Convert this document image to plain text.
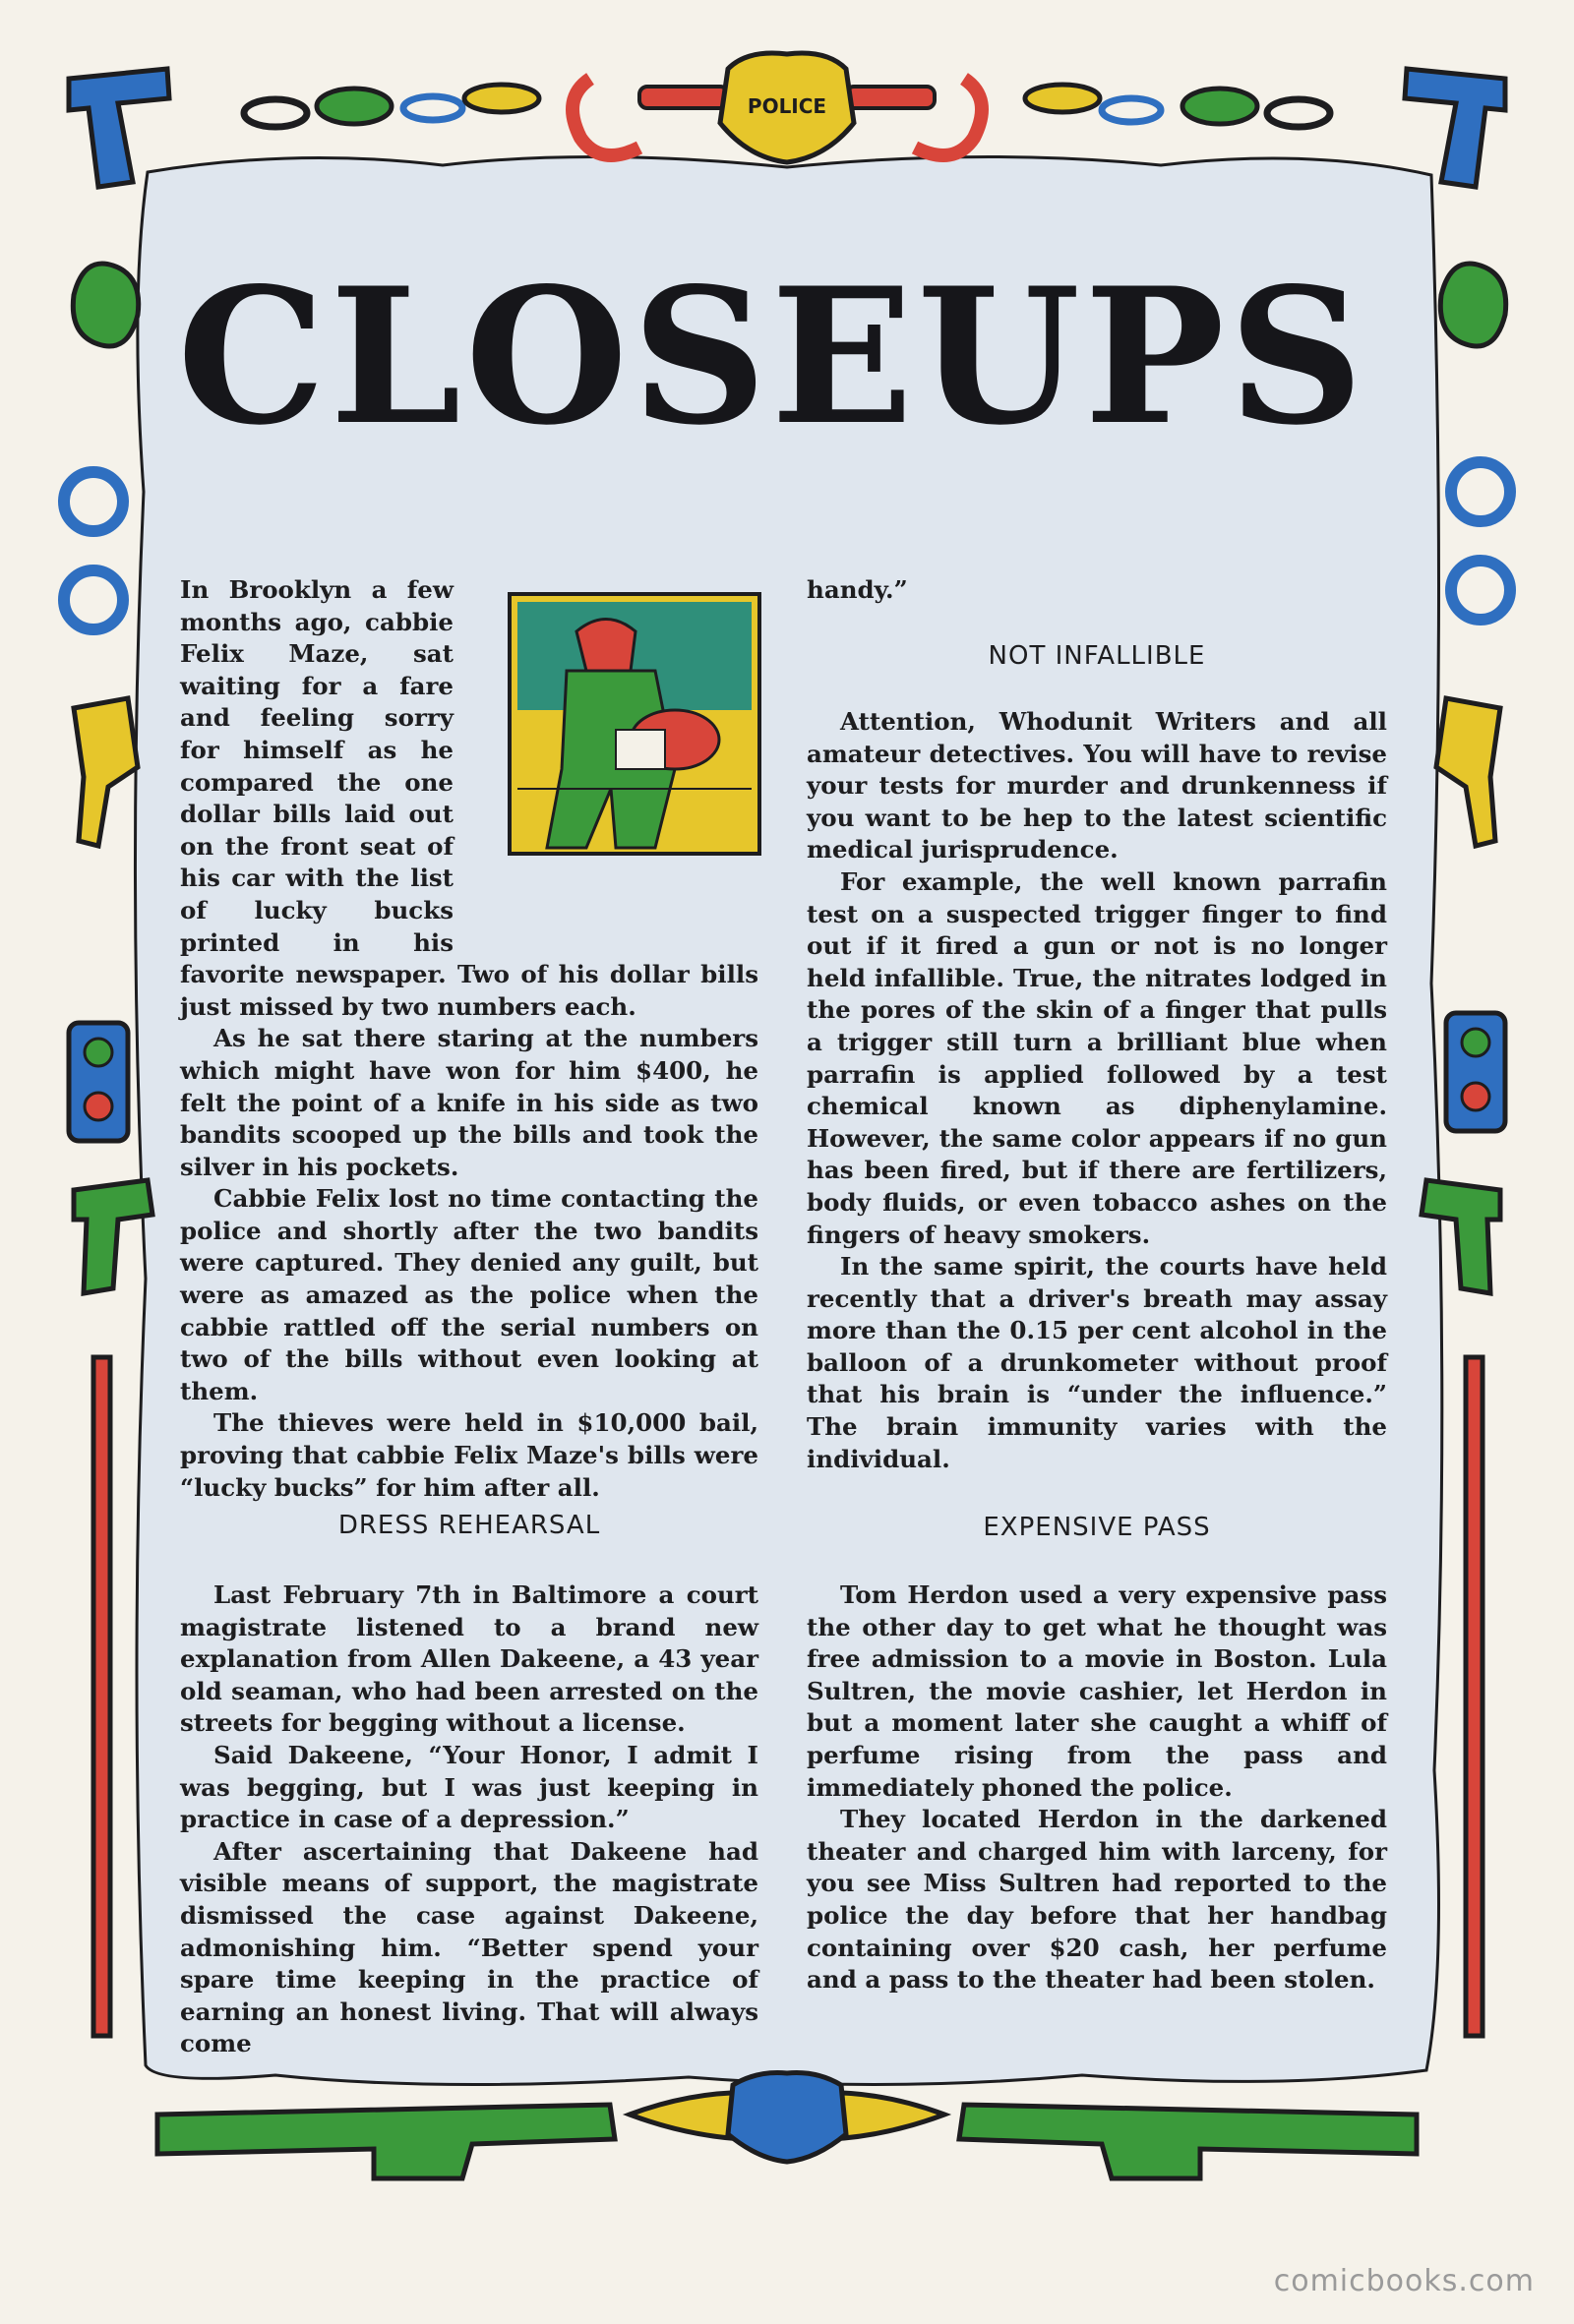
POLICE
CLOSEUPS

In Brooklyn a few months ago, cabbie Felix Maze, sat waiting for a fare and feeling sorry for himself as he compared the one dollar bills laid out on the front seat of his car with the list of lucky bucks printed in his favorite newspaper. Two of his dollar bills just missed by two numbers each.

As he sat there staring at the numbers which might have won for him $400, he felt the point of a knife in his side as two bandits scooped up the bills and took the silver in his pockets.

Cabbie Felix lost no time contacting the police and shortly after the two bandits were captured. They denied any guilt, but were as amazed as the police when the cabbie rattled off the serial numbers on two of the bills without even looking at them.

The thieves were held in $10,000 bail, proving that cabbie Felix Maze's bills were “lucky bucks” for him after all.

DRESS REHEARSAL

Last February 7th in Baltimore a court magistrate listened to a brand new explanation from Allen Dakeene, a 43 year old seaman, who had been arrested on the streets for begging without a license.

Said Dakeene, “Your Honor, I admit I was begging, but I was just keeping in practice in case of a depression.”

After ascertaining that Dakeene had visible means of support, the magistrate dismissed the case against Dakeene, admonishing him. “Better spend your spare time keeping in the practice of earning an honest living. That will always come

handy.”

NOT INFALLIBLE

Attention, Whodunit Writers and all amateur detectives. You will have to revise your tests for murder and drunkenness if you want to be hep to the latest scientific medical jurisprudence.

For example, the well known parrafin test on a suspected trigger finger to find out if it fired a gun or not is no longer held infallible. True, the nitrates lodged in the pores of the skin of a finger that pulls a trigger still turn a brilliant blue when parrafin is applied followed by a test chemical known as diphenylamine. However, the same color appears if no gun has been fired, but if there are fertilizers, body fluids, or even tobacco ashes on the fingers of heavy smokers.

In the same spirit, the courts have held recently that a driver's breath may assay more than the 0.15 per cent alcohol in the balloon of a drunkometer without proof that his brain is “under the influence.” The brain immunity varies with the individual.

EXPENSIVE PASS

Tom Herdon used a very expensive pass the other day to get what he thought was free admission to a movie in Boston. Lula Sultren, the movie cashier, let Herdon in but a moment later she caught a whiff of perfume rising from the pass and immediately phoned the police.

They located Herdon in the darkened theater and charged him with larceny, for you see Miss Sultren had reported to the police the day before that her handbag containing over $20 cash, her perfume and a pass to the theater had been stolen.

comicbooks.com
